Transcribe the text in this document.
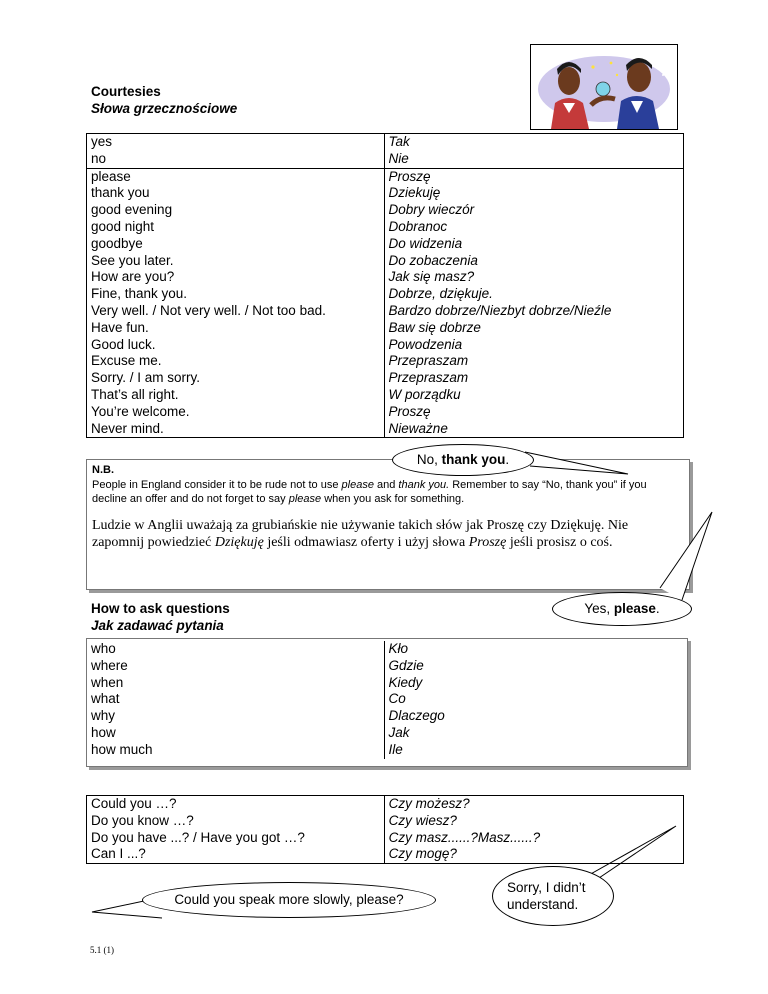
Courtesies
Słowa grzecznościowe
yes	Tak
no	Nie
please	Proszę
thank you	Dziekuję
good evening	Dobry wieczór
good night	Dobranoc
goodbye	Do widzenia
See you later.	Do zobaczenia
How are you?	Jak się masz?
Fine, thank you.	Dobrze, dziękuje.
Very well. / Not very well. / Not too bad.	Bardzo dobrze/Niezbyt dobrze/Nieźle
Have fun.	Baw się dobrze
Good luck.	Powodzenia
Excuse me.	Przepraszam
Sorry. / I am sorry.	Przepraszam
That’s all right.	W porządku
You’re welcome.	Proszę
Never mind.	Nieważne
N.B.
People in England consider it to be rude not to use please and thank you. Remember to say “No, thank you” if you decline an offer and do not forget to say please when you ask for something.
Ludzie w Anglii uważają za grubiańskie nie używanie takich słów jak Proszę czy Dziękuję. Nie zapomnij powiedzieć Dziękuję jeśli odmawiasz oferty i użyj słowa Proszę jeśli prosisz o coś.
No, thank you.
Yes, please.
How to ask questions
Jak zadawać pytania
who	Kło
where	Gdzie
when	Kiedy
what	Co
why	Dlaczego
how	Jak
how much	Ile
Could you …?	Czy możesz?
Do you know …?	Czy wiesz?
Do you have ...? / Have you got …?	Czy masz......?Masz......?
Can I ...?	Czy mogę?
Could you speak more slowly, please?
Sorry, I didn’t understand.
5.1 (1)
